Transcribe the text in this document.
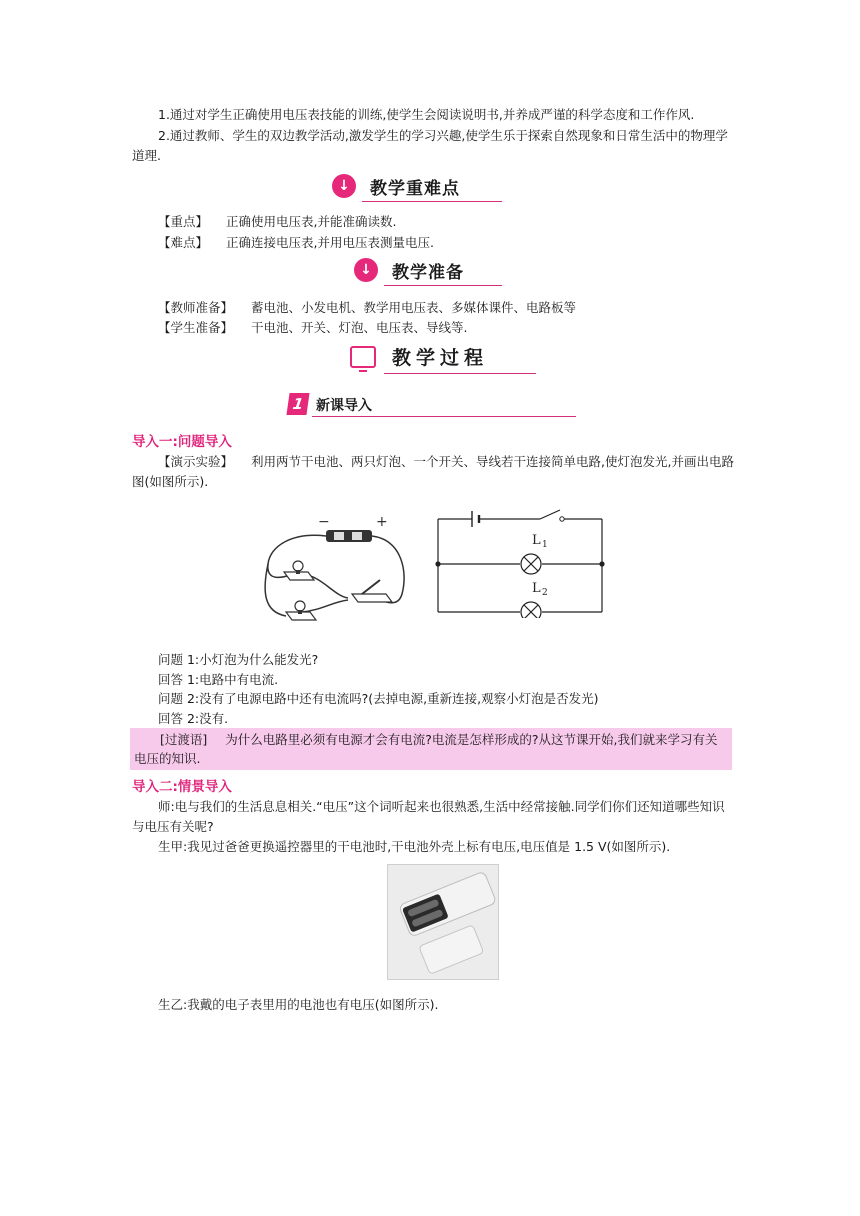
1.通过对学生正确使用电压表技能的训练,使学生会阅读说明书,并养成严谨的科学态度和工作作风.
2.通过教师、学生的双边教学活动,激发学生的学习兴趣,使学生乐于探索自然现象和日常生活中的物理学道理.
↓	教学重难点
【重点】 正确使用电压表,并能准确读数.
【难点】 正确连接电压表,并用电压表测量电压.
↓	教学准备
【教师准备】 蓄电池、小发电机、教学用电压表、多媒体课件、电路板等
【学生准备】 干电池、开关、灯泡、电压表、导线等.
教学过程
1 新课导入
导入一:问题导入
【演示实验】 利用两节干电池、两只灯泡、一个开关、导线若干连接简单电路,使灯泡发光,并画出电路图(如图所示).
−	+
L 1
L 2
问题 1:小灯泡为什么能发光?
回答 1:电路中有电流.
问题 2:没有了电源电路中还有电流吗?(去掉电源,重新连接,观察小灯泡是否发光)
回答 2:没有.
[过渡语] 为什么电路里必须有电源才会有电流?电流是怎样形成的?从这节课开始,我们就来学习有关电压的知识.
导入二:情景导入
师:电与我们的生活息息相关.“电压”这个词听起来也很熟悉,生活中经常接触.同学们你们还知道哪些知识与电压有关呢?
生甲:我见过爸爸更换遥控器里的干电池时,干电池外壳上标有电压,电压值是 1.5 V(如图所示).
生乙:我戴的电子表里用的电池也有电压(如图所示).
